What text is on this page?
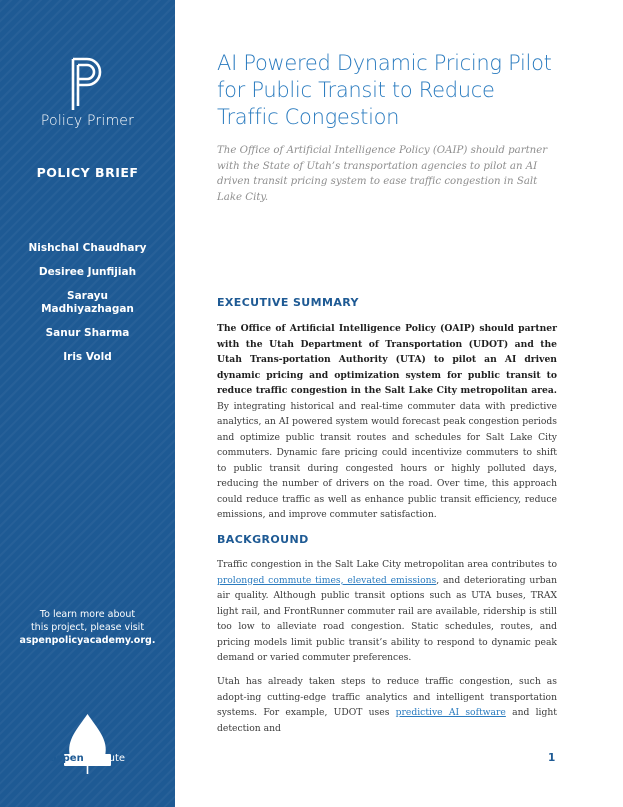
Policy Primer
POLICY BRIEF
Nishchal Chaudhary
Desiree Junfijiah
Sarayu Madhiyazhagan
Sanur Sharma
Iris Vold
To learn more about
this project, please visit
aspenpolicyacademy.org.
aspeninstitute
AI Powered Dynamic Pricing Pilot for Public Transit to Reduce Traffic Congestion

The Office of Artificial Intelligence Policy (OAIP) should partner with the State of Utah’s transportation agencies to pilot an AI driven transit pricing system to ease traffic congestion in Salt Lake City.

EXECUTIVE SUMMARY

The Office of Artificial Intelligence Policy (OAIP) should partner with the Utah Department of Transportation (UDOT) and the Utah Trans-portation Authority (UTA) to pilot an AI driven dynamic pricing and optimization system for public transit to reduce traffic congestion in the Salt Lake City metropolitan area. By integrating historical and real-time commuter data with predictive analytics, an AI powered system would forecast peak congestion periods and optimize public transit routes and schedules for Salt Lake City commuters. Dynamic fare pricing could incentivize commuters to shift to public transit during congested hours or highly polluted days, reducing the number of drivers on the road. Over time, this approach could reduce traffic as well as enhance public transit efficiency, reduce emissions, and improve commuter satisfaction.

BACKGROUND

Traffic congestion in the Salt Lake City metropolitan area contributes to prolonged commute times, elevated emissions, and deteriorating urban air quality. Although public transit options such as UTA buses, TRAX light rail, and FrontRunner commuter rail are available, ridership is still too low to alleviate road congestion. Static schedules, routes, and pricing models limit public transit’s ability to respond to dynamic peak demand or varied commuter preferences.

Utah has already taken steps to reduce traffic congestion, such as adopt-ing cutting-edge traffic analytics and intelligent transportation systems. For example, UDOT uses predictive AI software and light detection and

1
